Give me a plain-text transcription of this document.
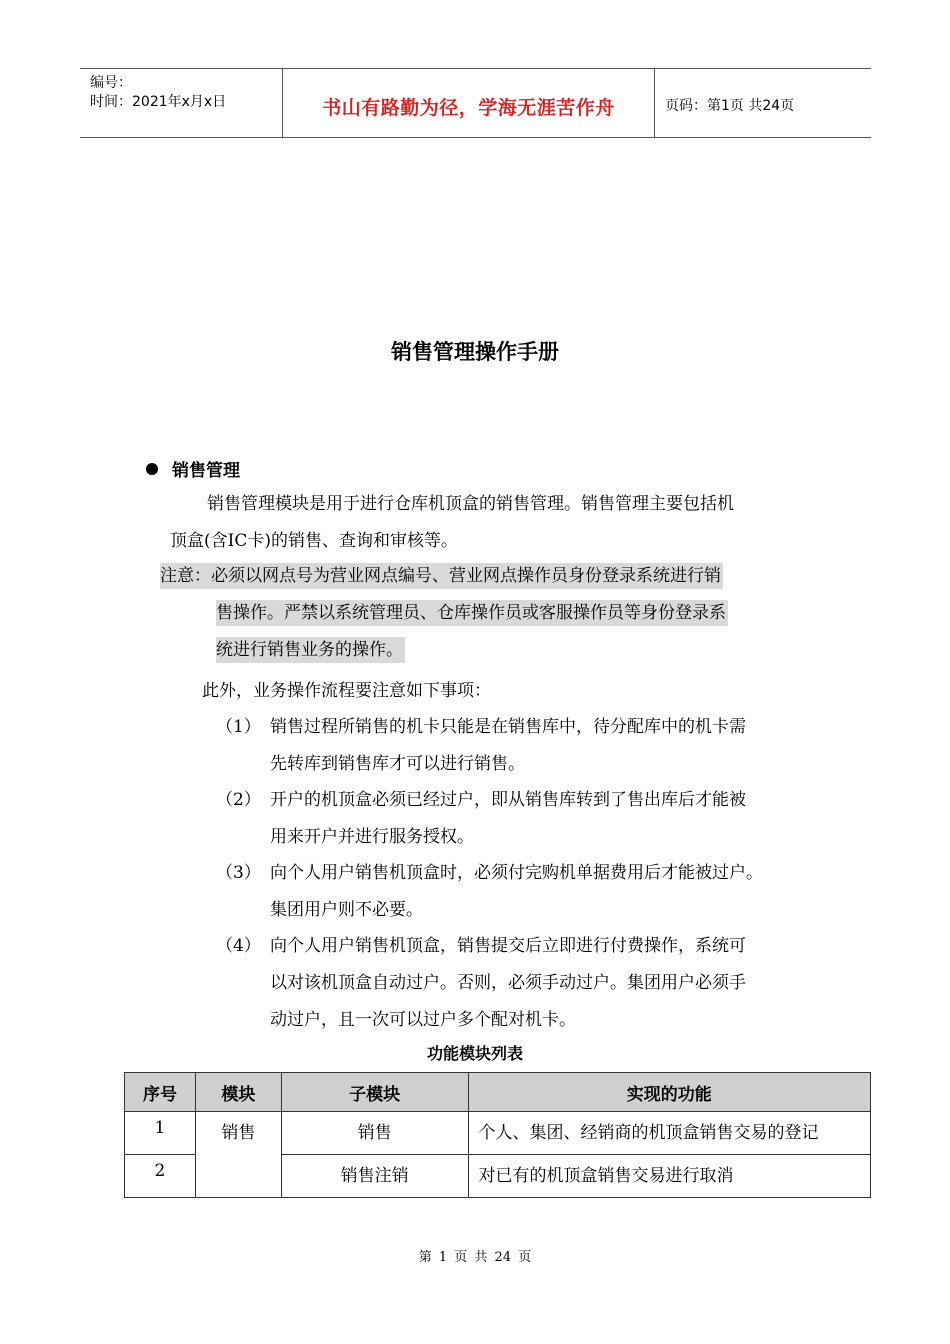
编号：
时间：2021年x月x日	书山有路勤为径，学海无涯苦作舟	页码：第1页 共24页
销售管理操作手册
销售管理
销售管理模块是用于进行仓库机顶盒的销售管理。销售管理主要包括机
顶盒(含IC卡)的销售、查询和审核等。
注意：必须以网点号为营业网点编号、营业网点操作员身份登录系统进行销
售操作。严禁以系统管理员、仓库操作员或客服操作员等身份登录系
统进行销售业务的操作。
此外，业务操作流程要注意如下事项：
（1） 销售过程所销售的机卡只能是在销售库中，待分配库中的机卡需
先转库到销售库才可以进行销售。
（2） 开户的机顶盒必须已经过户，即从销售库转到了售出库后才能被
用来开户并进行服务授权。
（3） 向个人用户销售机顶盒时，必须付完购机单据费用后才能被过户。
集团用户则不必要。
（4） 向个人用户销售机顶盒，销售提交后立即进行付费操作，系统可
以对该机顶盒自动过户。否则，必须手动过户。集团用户必须手
动过户，且一次可以过户多个配对机卡。
功能模块列表
序号	模块	子模块	实现的功能
1	销售	销售	个人、集团、经销商的机顶盒销售交易的登记
2		销售注销	对已有的机顶盒销售交易进行取消
第 1 页 共 24 页
